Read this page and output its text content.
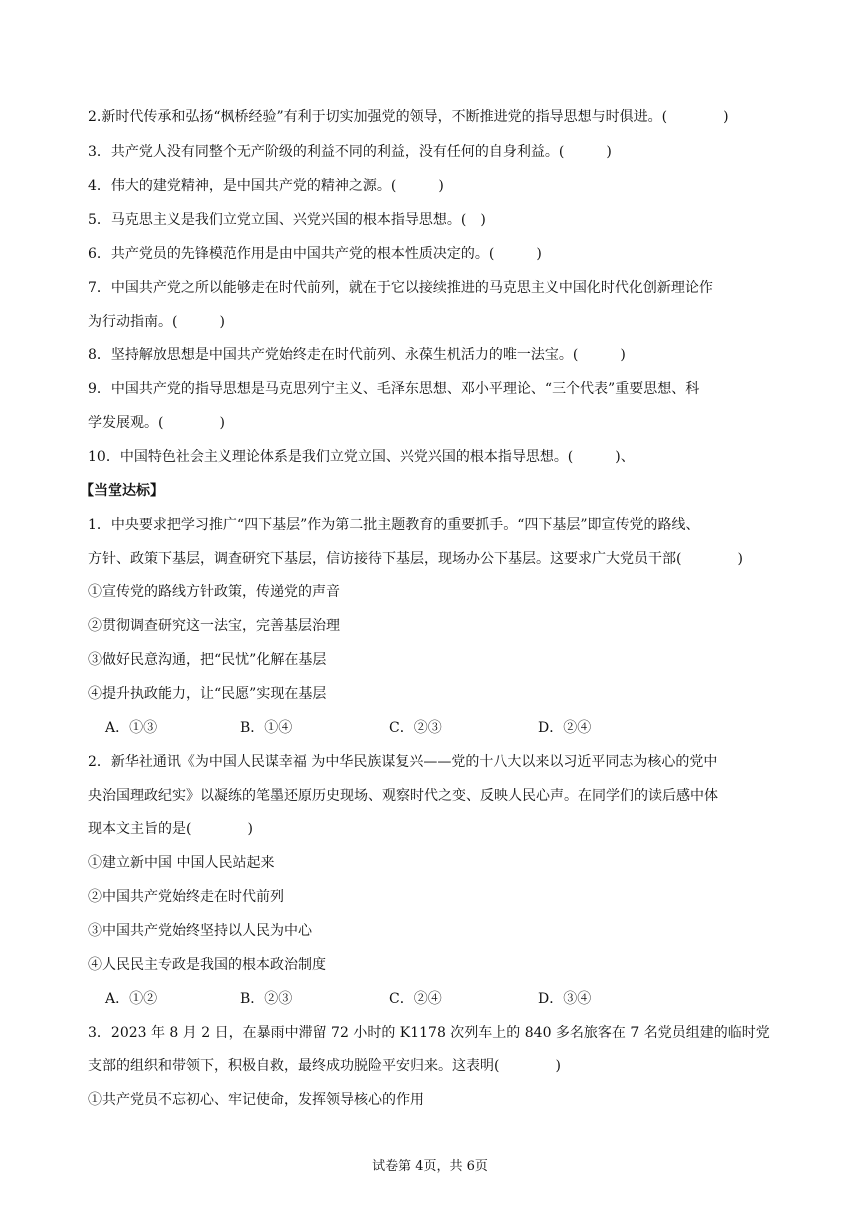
2.新时代传承和弘扬“枫桥经验”有利于切实加强党的领导，不断推进党的指导思想与时俱进。(　　　　)
3．共产党人没有同整个无产阶级的利益不同的利益，没有任何的自身利益。(　　　)
4．伟大的建党精神，是中国共产党的精神之源。(　　　)
5．马克思主义是我们立党立国、兴党兴国的根本指导思想。(　)
6．共产党员的先锋模范作用是由中国共产党的根本性质决定的。(　　　)
7．中国共产党之所以能够走在时代前列，就在于它以接续推进的马克思主义中国化时代化创新理论作
为行动指南。(　　　)
8．坚持解放思想是中国共产党始终走在时代前列、永葆生机活力的唯一法宝。(　　　)
9．中国共产党的指导思想是马克思列宁主义、毛泽东思想、邓小平理论、“三个代表”重要思想、科
学发展观。(　　　　)
10．中国特色社会主义理论体系是我们立党立国、兴党兴国的根本指导思想。(　　　)、
【当堂达标】
1．中央要求把学习推广“四下基层”作为第二批主题教育的重要抓手。“四下基层”即宣传党的路线、
方针、政策下基层，调查研究下基层，信访接待下基层，现场办公下基层。这要求广大党员干部(　　　　)
①宣传党的路线方针政策，传递党的声音
②贯彻调查研究这一法宝，完善基层治理
③做好民意沟通，把“民忧”化解在基层
④提升执政能力，让“民愿”实现在基层
A．①③	B．①④	C．②③	D．②④
2．新华社通讯《为中国人民谋幸福 为中华民族谋复兴——党的十八大以来以习近平同志为核心的党中
央治国理政纪实》以凝练的笔墨还原历史现场、观察时代之变、反映人民心声。在同学们的读后感中体
现本文主旨的是(　　　　)
①建立新中国 中国人民站起来
②中国共产党始终走在时代前列
③中国共产党始终坚持以人民为中心
④人民民主专政是我国的根本政治制度
A．①②	B．②③	C．②④	D．③④
3．2023 年 8 月 2 日，在暴雨中滞留 72 小时的 K1178 次列车上的 840 多名旅客在 7 名党员组建的临时党
支部的组织和带领下，积极自救，最终成功脱险平安归来。这表明(　　　　)
①共产党员不忘初心、牢记使命，发挥领导核心的作用
试卷第 4页，共 6页
